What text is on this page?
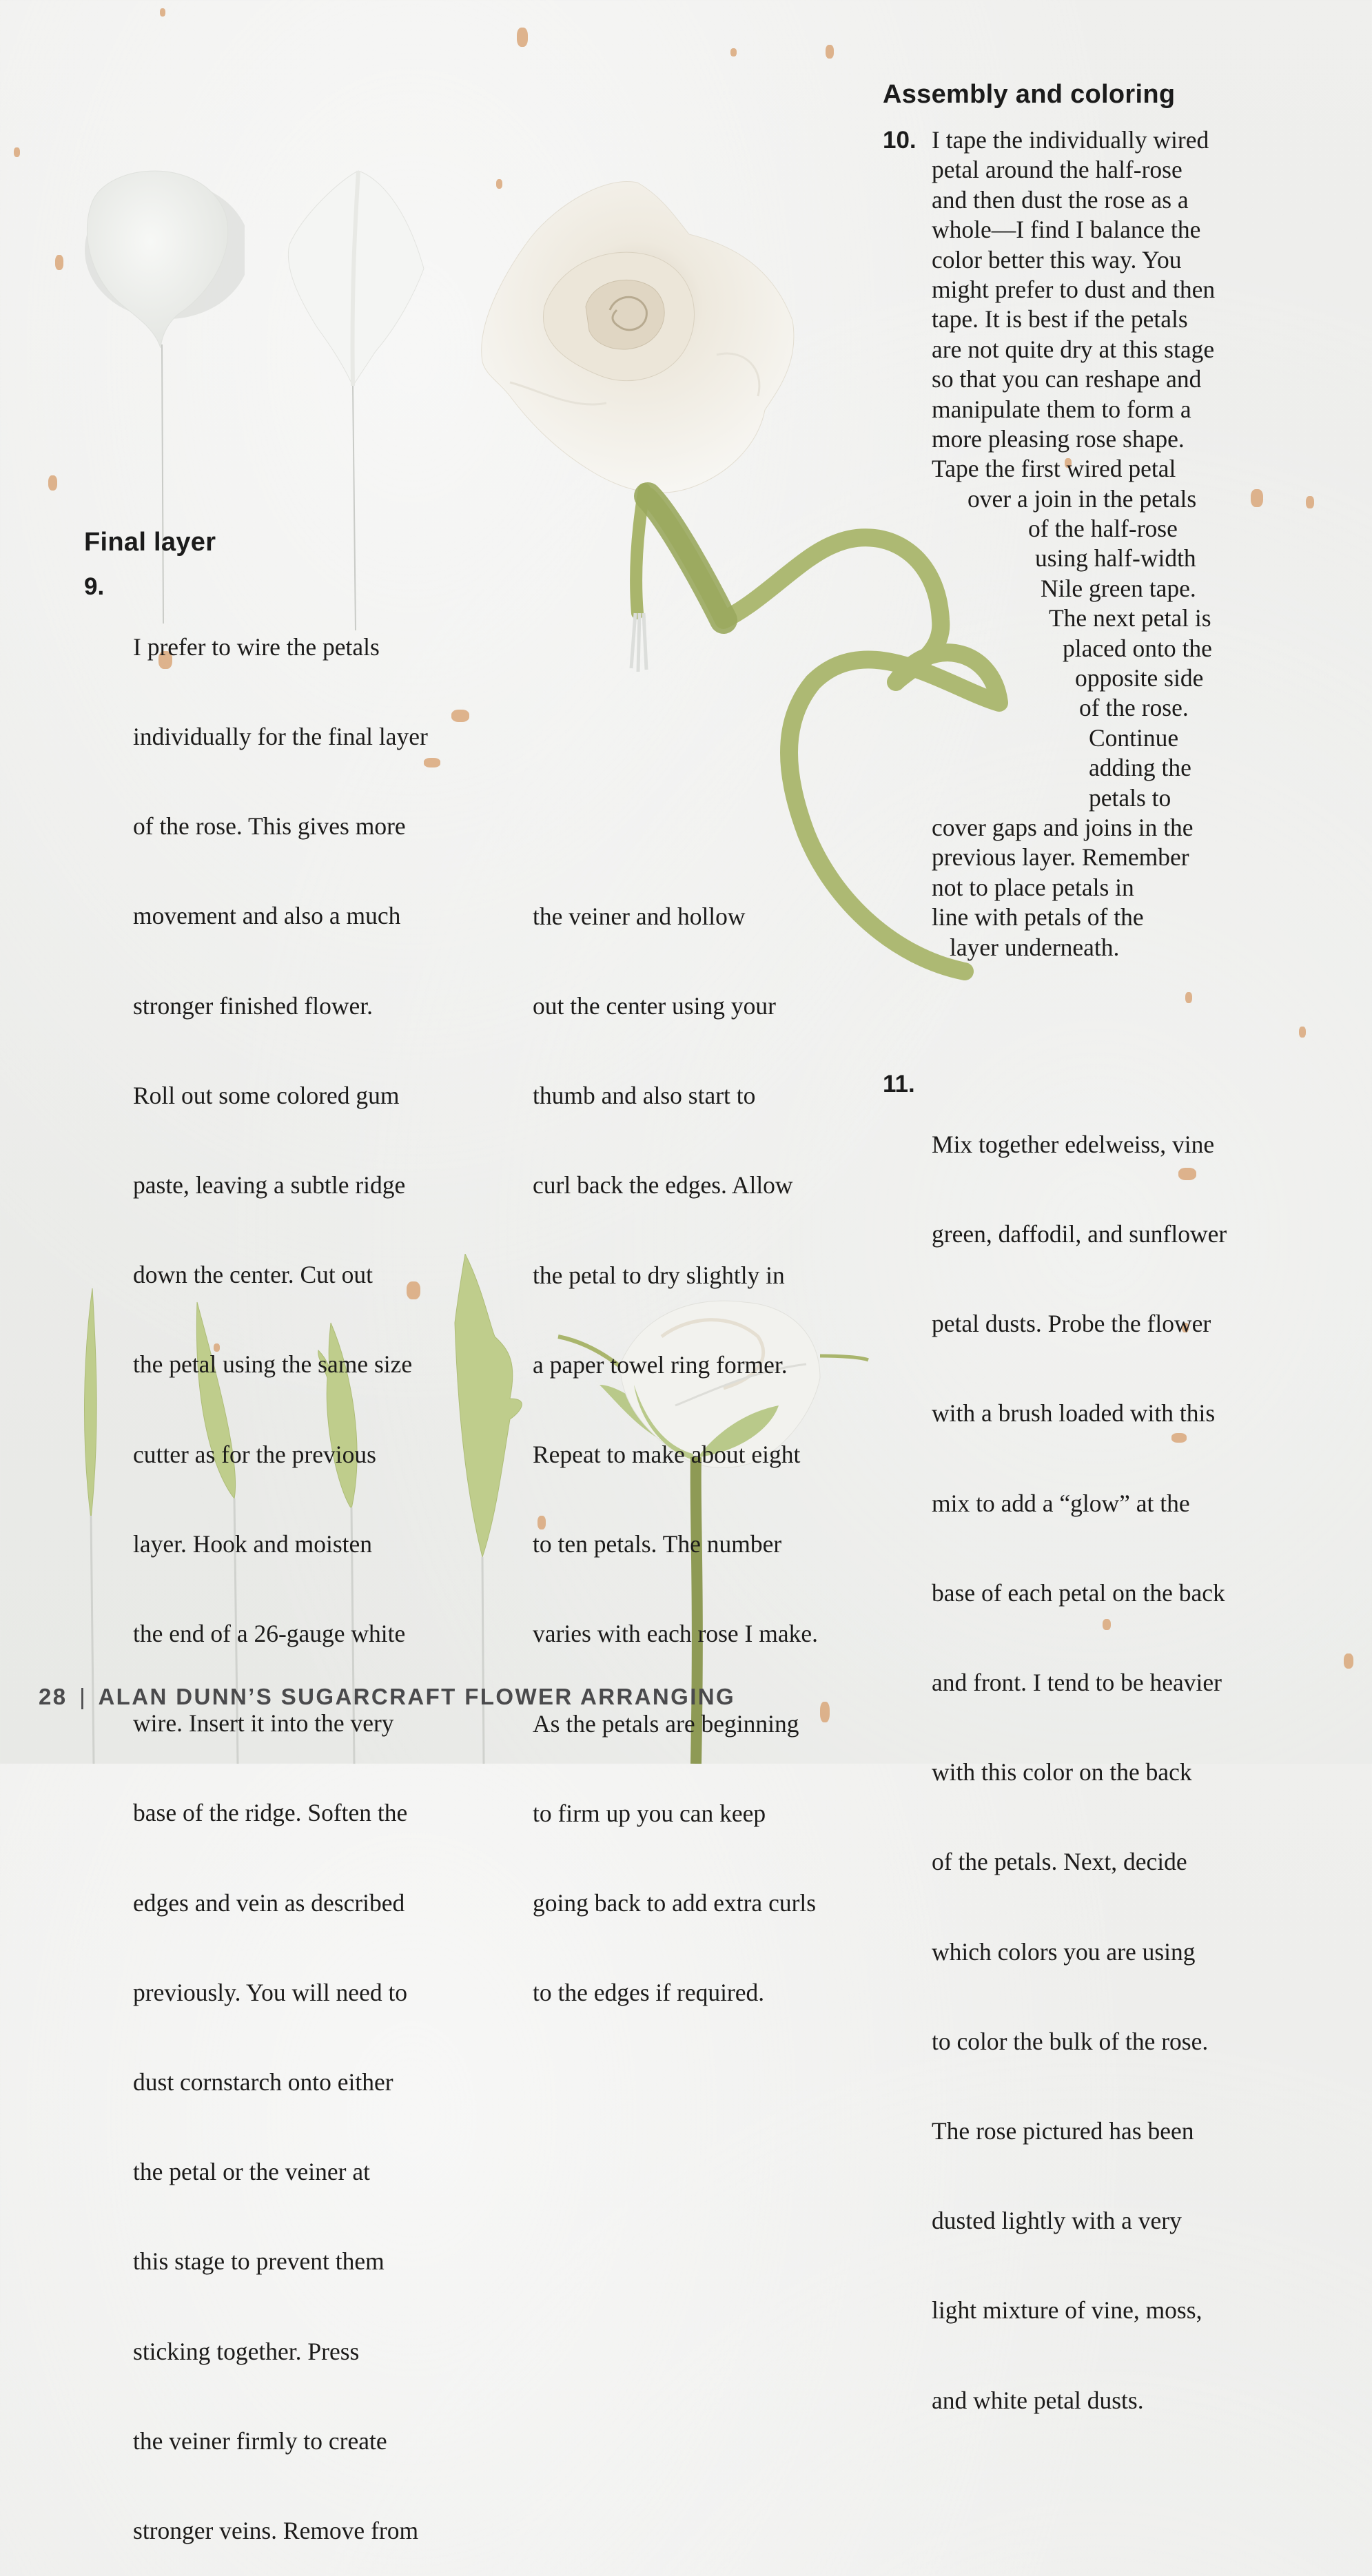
Final layer
9.

I prefer to wire the petals

individually for the final layer

of the rose. This gives more

movement and also a much

stronger finished flower.

Roll out some colored gum

paste, leaving a subtle ridge

down the center. Cut out

the petal using the same size

cutter as for the previous

layer. Hook and moisten

the end of a 26-gauge white

wire. Insert it into the very

base of the ridge. Soften the

edges and vein as described

previously. You will need to

dust cornstarch onto either

the petal or the veiner at

this stage to prevent them

sticking together. Press

the veiner firmly to create

stronger veins. Remove from

the veiner and hollow

out the center using your

thumb and also start to

curl back the edges. Allow

the petal to dry slightly in

a paper towel ring former.

Repeat to make about eight

to ten petals. The number

varies with each rose I make.

As the petals are beginning

to firm up you can keep

going back to add extra curls

to the edges if required.

Assembly and coloring
10. I tape the individually wired
petal around the half-rose
and then dust the rose as a
whole—I find I balance the
color better this way. You
might prefer to dust and then
tape. It is best if the petals
are not quite dry at this stage
so that you can reshape and
manipulate them to form a
more pleasing rose shape.
Tape the first wired petal
over a join in the petals
of the half-rose
using half-width
Nile green tape.
The next petal is
placed onto the
opposite side
of the rose.
Continue
adding the
petals to
cover gaps and joins in the
previous layer. Remember
not to place petals in
line with petals of the
layer underneath.
11.

Mix together edelweiss, vine

green, daffodil, and sunflower

petal dusts. Probe the flower

with a brush loaded with this

mix to add a “glow” at the

base of each petal on the back

and front. I tend to be heavier

with this color on the back

of the petals. Next, decide

which colors you are using

to color the bulk of the rose.

The rose pictured has been

dusted lightly with a very

light mixture of vine, moss,

and white petal dusts.

28 | ALAN DUNN’S SUGARCRAFT FLOWER ARRANGING
